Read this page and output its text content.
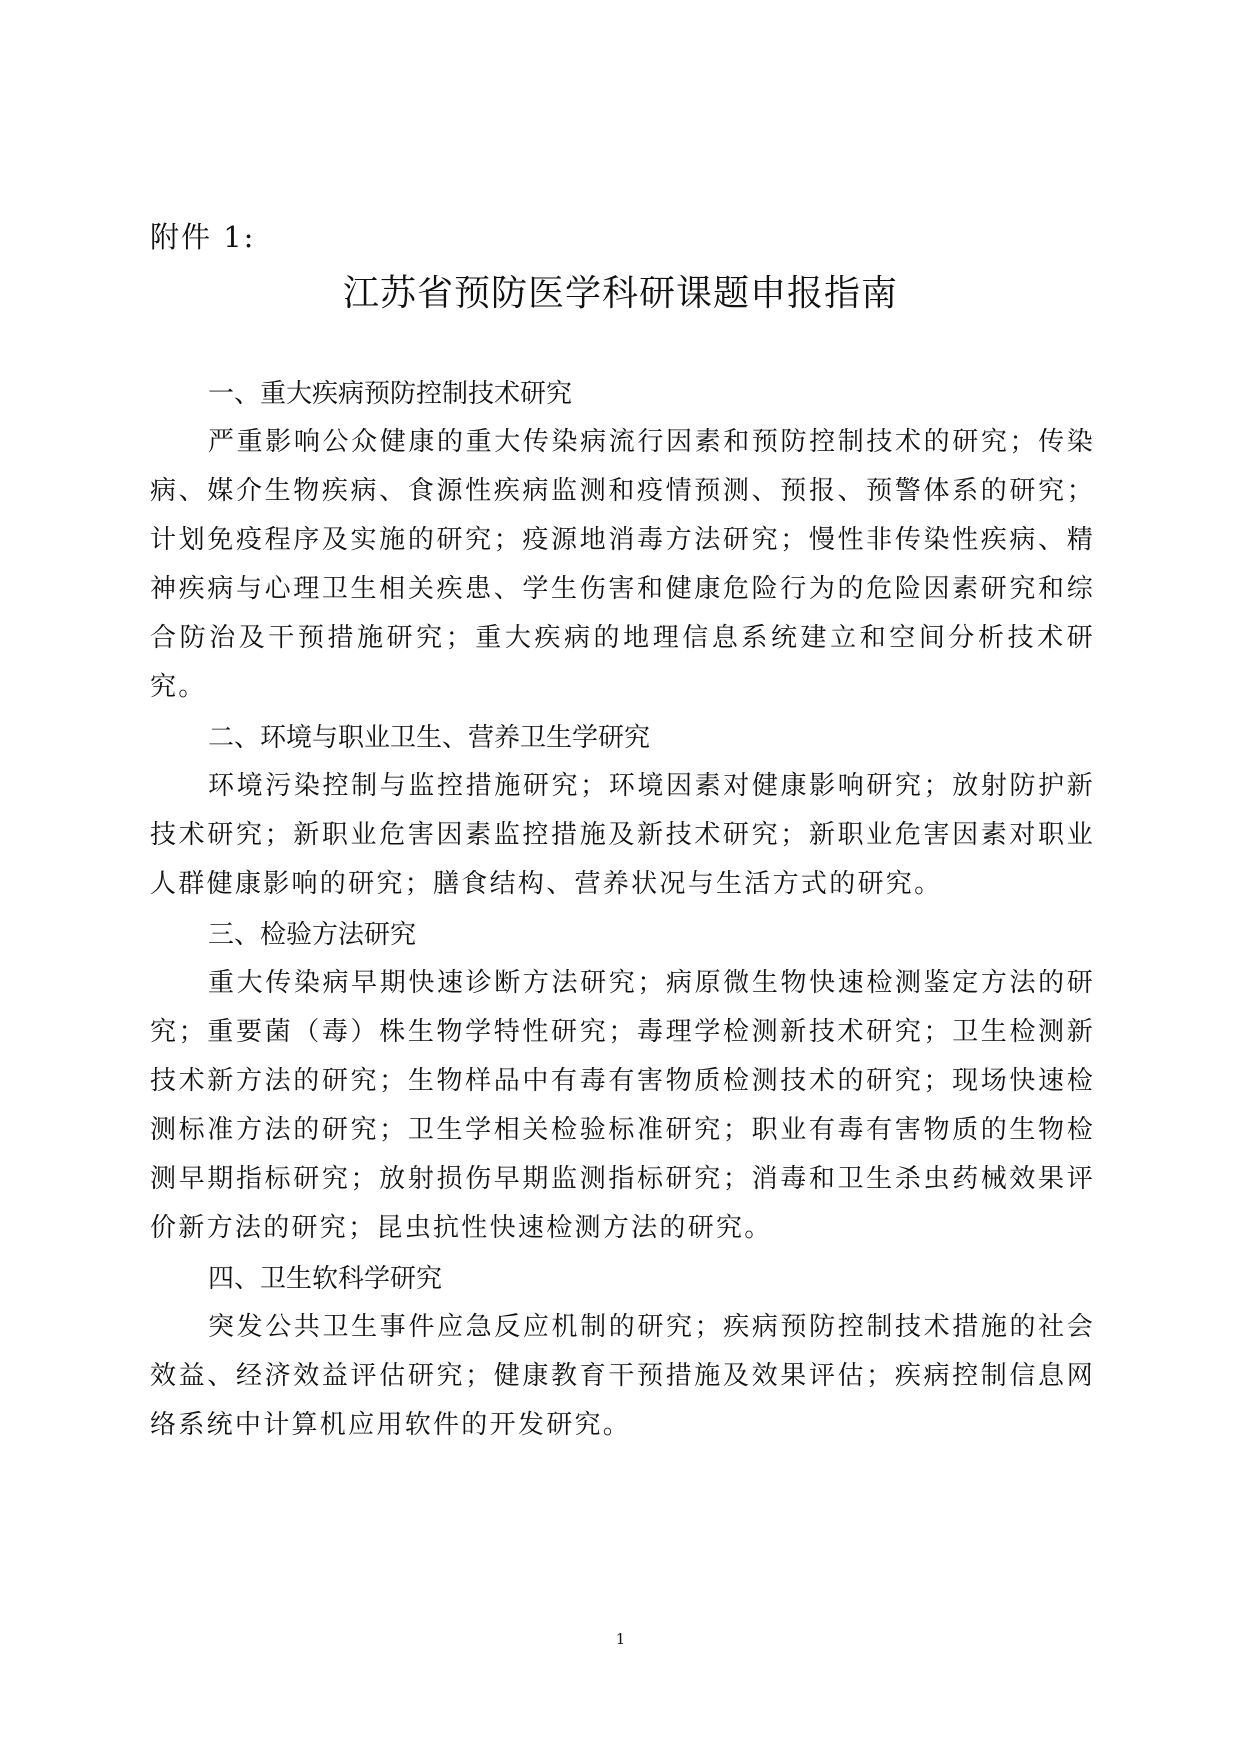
附件 1:
江苏省预防医学科研课题申报指南

一、重大疾病预防控制技术研究

严重影响公众健康的重大传染病流行因素和预防控制技术的研究；传染病、媒介生物疾病、食源性疾病监测和疫情预测、预报、预警体系的研究；计划免疫程序及实施的研究；疫源地消毒方法研究；慢性非传染性疾病、精神疾病与心理卫生相关疾患、学生伤害和健康危险行为的危险因素研究和综合防治及干预措施研究；重大疾病的地理信息系统建立和空间分析技术研究。

二、环境与职业卫生、营养卫生学研究

环境污染控制与监控措施研究；环境因素对健康影响研究；放射防护新技术研究；新职业危害因素监控措施及新技术研究；新职业危害因素对职业人群健康影响的研究；膳食结构、营养状况与生活方式的研究。

三、检验方法研究

重大传染病早期快速诊断方法研究；病原微生物快速检测鉴定方法的研究；重要菌（毒）株生物学特性研究；毒理学检测新技术研究；卫生检测新技术新方法的研究；生物样品中有毒有害物质检测技术的研究；现场快速检测标准方法的研究；卫生学相关检验标准研究；职业有毒有害物质的生物检测早期指标研究；放射损伤早期监测指标研究；消毒和卫生杀虫药械效果评价新方法的研究；昆虫抗性快速检测方法的研究。

四、卫生软科学研究

突发公共卫生事件应急反应机制的研究；疾病预防控制技术措施的社会效益、经济效益评估研究；健康教育干预措施及效果评估；疾病控制信息网络系统中计算机应用软件的开发研究。

1
